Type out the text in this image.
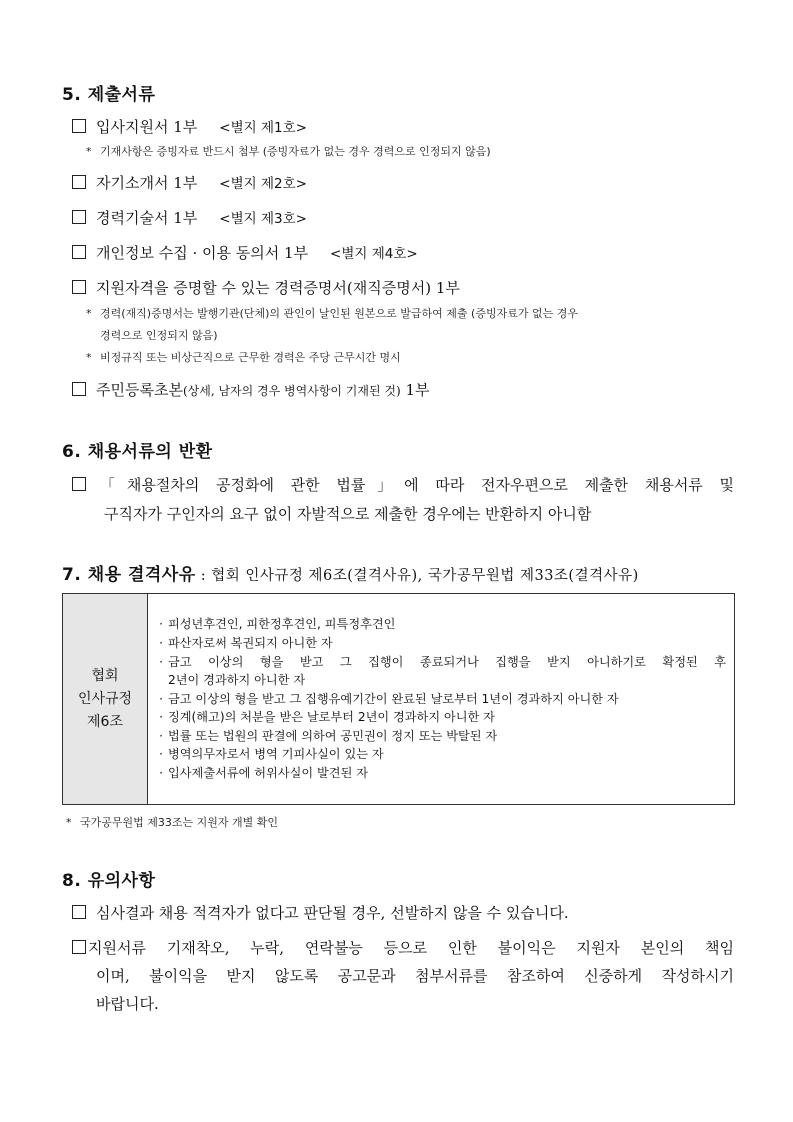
5. 제출서류
입사지원서 1부 <별지 제1호>
* 기재사항은 증빙자료 반드시 첨부 (증빙자료가 없는 경우 경력으로 인정되지 않음)
자기소개서 1부 <별지 제2호>
경력기술서 1부 <별지 제3호>
개인정보 수집 · 이용 동의서 1부 <별지 제4호>
지원자격을 증명할 수 있는 경력증명서(재직증명서) 1부
* 경력(재직)증명서는 발행기관(단체)의 관인이 날인된 원본으로 발급하여 제출 (증빙자료가 없는 경우
경력으로 인정되지 않음)
* 비정규직 또는 비상근직으로 근무한 경력은 주당 근무시간 명시
주민등록초본(상세, 남자의 경우 병역사항이 기재된 것) 1부
6. 채용서류의 반환
「채용절차의 공정화에 관한 법률」에 따라 전자우편으로 제출한 채용서류 및
구직자가 구인자의 요구 없이 자발적으로 제출한 경우에는 반환하지 아니함
7. 채용 결격사유 : 협회 인사규정 제6조(결격사유), 국가공무원법 제33조(결격사유)
협회
인사규정
제6조

· 피성년후견인, 피한정후견인, 피특정후견인
· 파산자로써 복권되지 아니한 자
· 금고 이상의 형을 받고 그 집행이 종료되거나 집행을 받지 아니하기로 확정된 후
2년이 경과하지 아니한 자
· 금고 이상의 형을 받고 그 집행유예기간이 완료된 날로부터 1년이 경과하지 아니한 자
· 징계(해고)의 처분을 받은 날로부터 2년이 경과하지 아니한 자
· 법률 또는 법원의 판결에 의하여 공민권이 정지 또는 박탈된 자
· 병역의무자로서 병역 기피사실이 있는 자
· 입사제출서류에 허위사실이 발견된 자
* 국가공무원법 제33조는 지원자 개별 확인
8. 유의사항
심사결과 채용 적격자가 없다고 판단될 경우, 선발하지 않을 수 있습니다.
지원서류 기재착오, 누락, 연락불능 등으로 인한 불이익은 지원자 본인의 책임
이며, 불이익을 받지 않도록 공고문과 첨부서류를 참조하여 신중하게 작성하시기
바랍니다.
